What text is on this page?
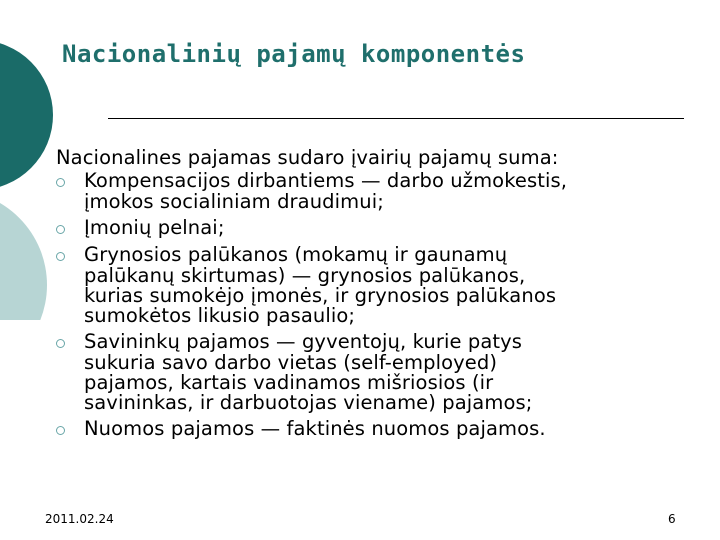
Nacionalinių pajamų komponentės

Nacionalines pajamas sudaro įvairių pajamų suma:

Kompensacijos dirbantiems — darbo užmokestis,
įmokos socialiniam draudimui;
Įmonių pelnai;
Grynosios palūkanos (mokamų ir gaunamų
palūkanų skirtumas) — grynosios palūkanos,
kurias sumokėjo įmonės, ir grynosios palūkanos
sumokėtos likusio pasaulio;
Savininkų pajamos — gyventojų, kurie patys
sukuria savo darbo vietas (self-employed)
pajamos, kartais vadinamos mišriosios (ir
savininkas, ir darbuotojas viename) pajamos;
Nuomos pajamos — faktinės nuomos pajamos.
2011.02.24	6
